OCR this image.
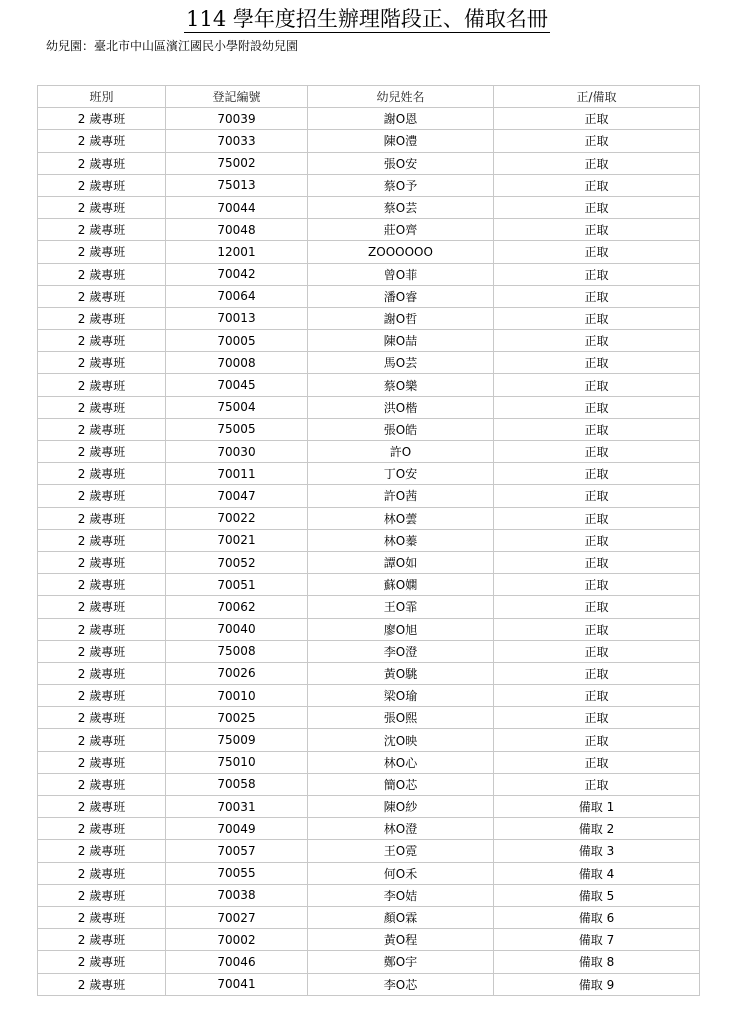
114 學年度招生辦理階段正、備取名冊
幼兒園：臺北市中山區濱江國民小學附設幼兒園
班別	登記編號	幼兒姓名	正/備取
2 歲專班	70039	謝O恩	正取
2 歲專班	70033	陳O澧	正取
2 歲專班	75002	張O安	正取
2 歲專班	75013	蔡O予	正取
2 歲專班	70044	蔡O芸	正取
2 歲專班	70048	莊O齊	正取
2 歲專班	12001	ZOOOOOO	正取
2 歲專班	70042	曾O菲	正取
2 歲專班	70064	潘O睿	正取
2 歲專班	70013	謝O哲	正取
2 歲專班	70005	陳O喆	正取
2 歲專班	70008	馬O芸	正取
2 歲專班	70045	蔡O樂	正取
2 歲專班	75004	洪O楷	正取
2 歲專班	75005	張O皓	正取
2 歲專班	70030	許O	正取
2 歲專班	70011	丁O安	正取
2 歲專班	70047	許O茜	正取
2 歲專班	70022	林O蕓	正取
2 歲專班	70021	林O蓁	正取
2 歲專班	70052	譚O如	正取
2 歲專班	70051	蘇O嫻	正取
2 歲專班	70062	王O霏	正取
2 歲專班	70040	廖O旭	正取
2 歲專班	75008	李O澄	正取
2 歲專班	70026	黃O駣	正取
2 歲專班	70010	梁O瑜	正取
2 歲專班	70025	張O熙	正取
2 歲專班	75009	沈O映	正取
2 歲專班	75010	林O心	正取
2 歲專班	70058	簡O芯	正取
2 歲專班	70031	陳O紗	備取 1
2 歲專班	70049	林O澄	備取 2
2 歲專班	70057	王O霓	備取 3
2 歲專班	70055	何O禾	備取 4
2 歲專班	70038	李O姞	備取 5
2 歲專班	70027	顏O霖	備取 6
2 歲專班	70002	黃O程	備取 7
2 歲專班	70046	鄭O宇	備取 8
2 歲專班	70041	李O芯	備取 9
